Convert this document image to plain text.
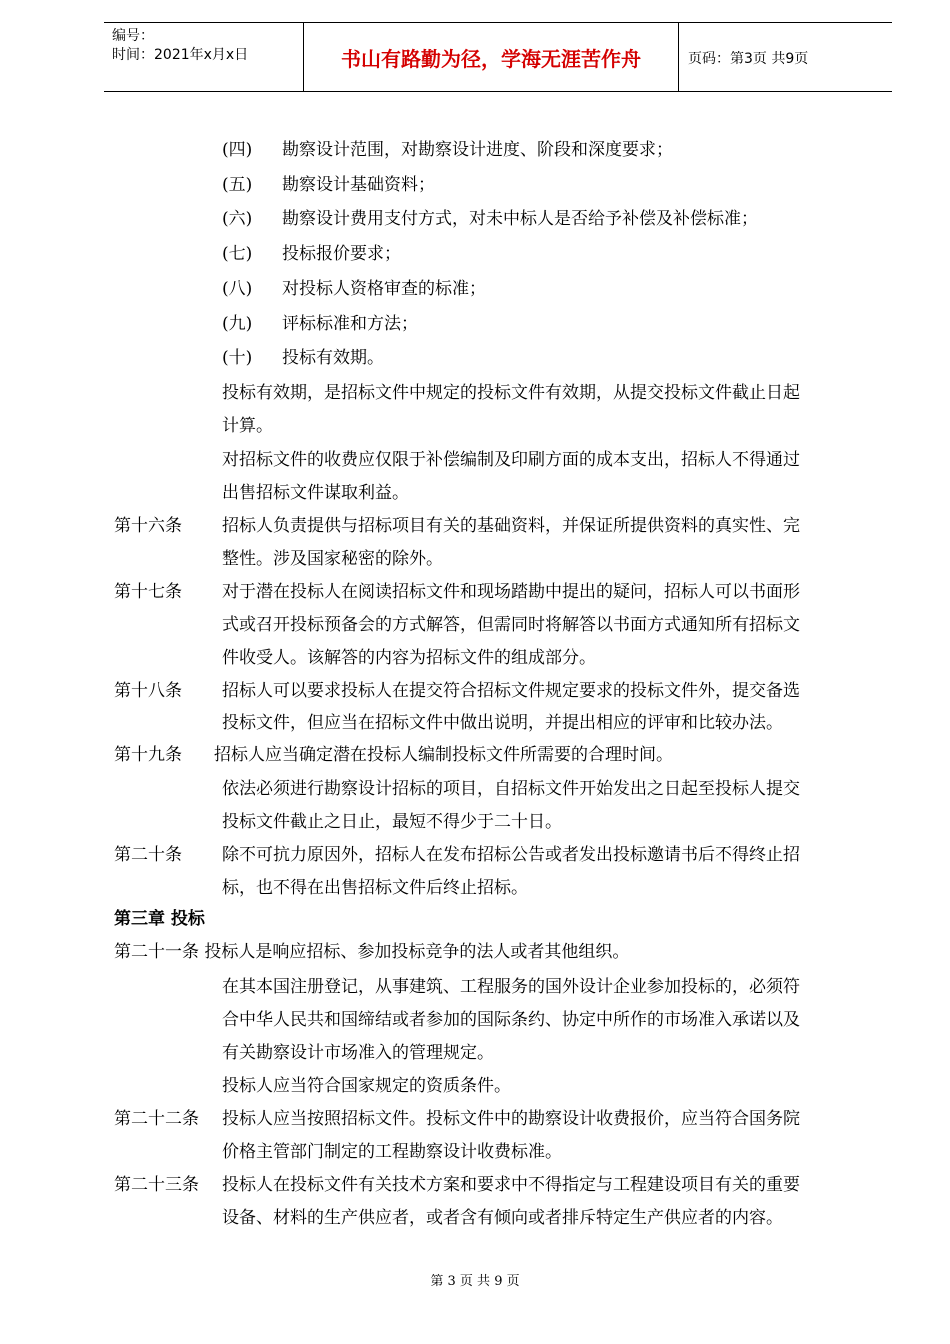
编号：
时间：2021年x月x日	书山有路勤为径，学海无涯苦作舟	页码：第3页 共9页
(四) 勘察设计范围，对勘察设计进度、阶段和深度要求；
(五) 勘察设计基础资料；
(六) 勘察设计费用支付方式，对未中标人是否给予补偿及补偿标准；
(七) 投标报价要求；
(八) 对投标人资格审查的标准；
(九) 评标标准和方法；
(十) 投标有效期。
投标有效期，是招标文件中规定的投标文件有效期，从提交投标文件截止日起
计算。
对招标文件的收费应仅限于补偿编制及印刷方面的成本支出，招标人不得通过
出售招标文件谋取利益。
第十六条 招标人负责提供与招标项目有关的基础资料，并保证所提供资料的真实性、完
整性。涉及国家秘密的除外。
第十七条 对于潜在投标人在阅读招标文件和现场踏勘中提出的疑问，招标人可以书面形
式或召开投标预备会的方式解答，但需同时将解答以书面方式通知所有招标文
件收受人。该解答的内容为招标文件的组成部分。
第十八条 招标人可以要求投标人在提交符合招标文件规定要求的投标文件外，提交备选
投标文件，但应当在招标文件中做出说明，并提出相应的评审和比较办法。
第十九条 招标人应当确定潜在投标人编制投标文件所需要的合理时间。
依法必须进行勘察设计招标的项目，自招标文件开始发出之日起至投标人提交
投标文件截止之日止，最短不得少于二十日。
第二十条 除不可抗力原因外，招标人在发布招标公告或者发出投标邀请书后不得终止招
标，也不得在出售招标文件后终止招标。
第三章 投标
第二十一条 投标人是响应招标、参加投标竞争的法人或者其他组织。
在其本国注册登记，从事建筑、工程服务的国外设计企业参加投标的，必须符
合中华人民共和国缔结或者参加的国际条约、协定中所作的市场准入承诺以及
有关勘察设计市场准入的管理规定。
投标人应当符合国家规定的资质条件。
第二十二条 投标人应当按照招标文件。投标文件中的勘察设计收费报价，应当符合国务院
价格主管部门制定的工程勘察设计收费标准。
第二十三条 投标人在投标文件有关技术方案和要求中不得指定与工程建设项目有关的重要
设备、材料的生产供应者，或者含有倾向或者排斥特定生产供应者的内容。
第 3 页 共 9 页
